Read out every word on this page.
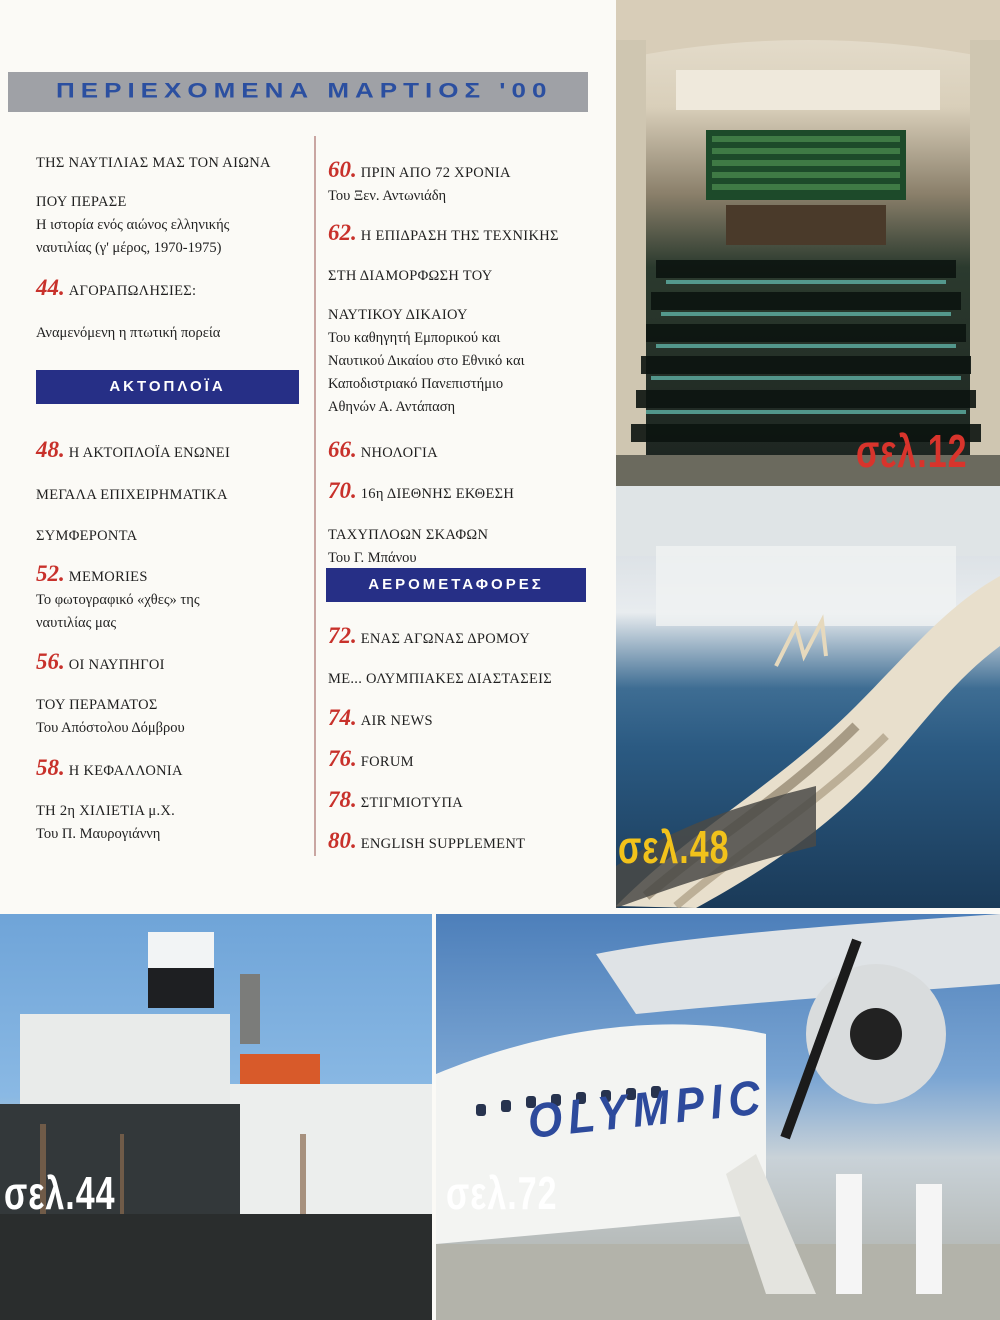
ΠΕΡΙΕΧΟΜΕΝΑ ΜΑΡΤΙΟΣ '00
ΤΗΣ ΝΑΥΤΙΛΙΑΣ ΜΑΣ ΤΟΝ ΑΙΩΝΑ
ΠΟΥ ΠΕΡΑΣΕ
Η ιστορία ενός αιώνος ελληνικής
ναυτιλίας (γ' μέρος, 1970-1975)
44. ΑΓΟΡΑΠΩΛΗΣΙΕΣ:
Αναμενόμενη η πτωτική πορεία
ΑΚΤΟΠΛΟΪΑ
48. Η ΑΚΤΟΠΛΟΪΑ ΕΝΩΝΕΙ
ΜΕΓΑΛΑ ΕΠΙΧΕΙΡΗΜΑΤΙΚΑ
ΣΥΜΦΕΡΟΝΤΑ
52. MEMORIES
Το φωτογραφικό «χθες» της
ναυτιλίας μας
56. ΟΙ ΝΑΥΠΗΓΟΙ
ΤΟΥ ΠΕΡΑΜΑΤΟΣ
Του Απόστολου Δόμβρου
58. Η ΚΕΦΑΛΛΟΝΙΑ
ΤΗ 2η ΧΙΛΙΕΤΙΑ μ.Χ.
Του Π. Μαυρογιάννη
60. ΠΡΙΝ ΑΠΟ 72 ΧΡΟΝΙΑ
Του Ξεν. Αντωνιάδη
62. Η ΕΠΙΔΡΑΣΗ ΤΗΣ ΤΕΧΝΙΚΗΣ
ΣΤΗ ΔΙΑΜΟΡΦΩΣΗ ΤΟΥ
ΝΑΥΤΙΚΟΥ ΔΙΚΑΙΟΥ
Του καθηγητή Εμπορικού και
Ναυτικού Δικαίου στο Εθνικό και
Καποδιστριακό Πανεπιστήμιο
Αθηνών Α. Αντάπαση
66. ΝΗΟΛΟΓΙΑ
70. 16η ΔΙΕΘΝΗΣ ΕΚΘΕΣΗ
ΤΑΧΥΠΛΟΩΝ ΣΚΑΦΩΝ
Του Γ. Μπάνου
ΑΕΡΟΜΕΤΑΦΟΡΕΣ
72. ΕΝΑΣ ΑΓΩΝΑΣ ΔΡΟΜΟΥ
ΜΕ... ΟΛΥΜΠΙΑΚΕΣ ΔΙΑΣΤΑΣΕΙΣ
74. AIR NEWS
76. FORUM
78. ΣΤΙΓΜΙΟΤΥΠΑ
80. ENGLISH SUPPLEMENT
σελ.12
σελ.48
σελ.44
OLYMPIC
σελ.72
